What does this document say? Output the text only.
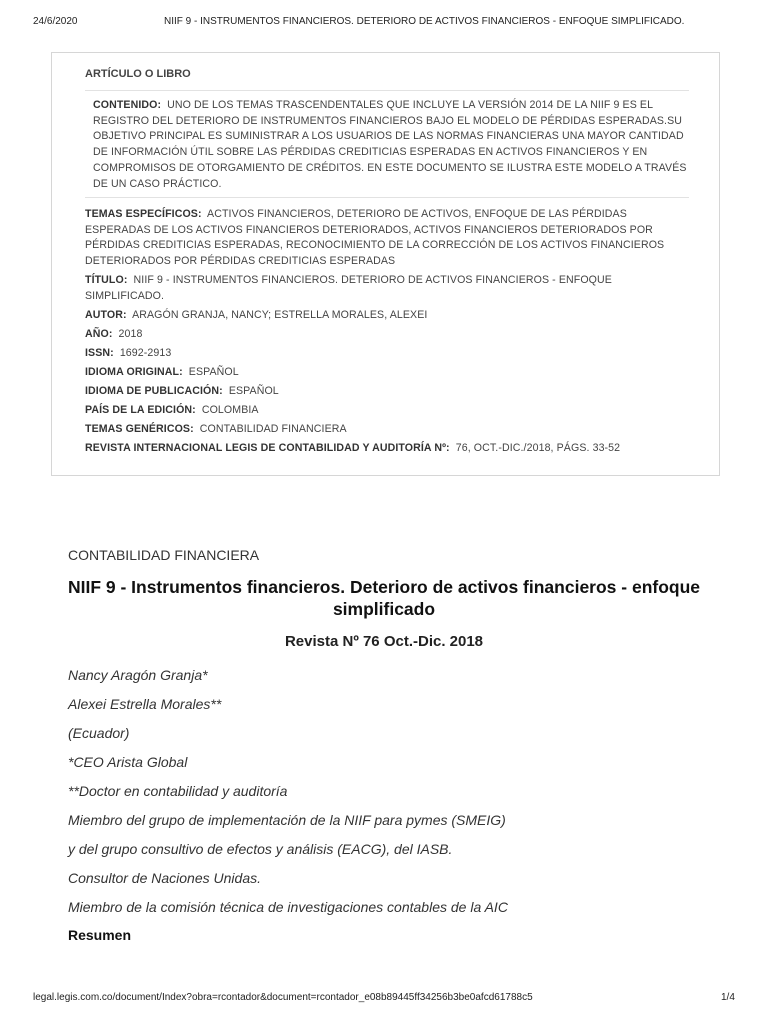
24/6/2020	NIIF 9 - INSTRUMENTOS FINANCIEROS. DETERIORO DE ACTIVOS FINANCIEROS - ENFOQUE SIMPLIFICADO.
ARTÍCULO O LIBRO
CONTENIDO: UNO DE LOS TEMAS TRASCENDENTALES QUE INCLUYE LA VERSIÓN 2014 DE LA NIIF 9 ES EL REGISTRO DEL DETERIORO DE INSTRUMENTOS FINANCIEROS BAJO EL MODELO DE PÉRDIDAS ESPERADAS.SU OBJETIVO PRINCIPAL ES SUMINISTRAR A LOS USUARIOS DE LAS NORMAS FINANCIERAS UNA MAYOR CANTIDAD DE INFORMACIÓN ÚTIL SOBRE LAS PÉRDIDAS CREDITICIAS ESPERADAS EN ACTIVOS FINANCIEROS Y EN COMPROMISOS DE OTORGAMIENTO DE CRÉDITOS. EN ESTE DOCUMENTO SE ILUSTRA ESTE MODELO A TRAVÉS DE UN CASO PRÁCTICO.
TEMAS ESPECÍFICOS: ACTIVOS FINANCIEROS, DETERIORO DE ACTIVOS, ENFOQUE DE LAS PÉRDIDAS ESPERADAS DE LOS ACTIVOS FINANCIEROS DETERIORADOS, ACTIVOS FINANCIEROS DETERIORADOS POR PÉRDIDAS CREDITICIAS ESPERADAS, RECONOCIMIENTO DE LA CORRECCIÓN DE LOS ACTIVOS FINANCIEROS DETERIORADOS POR PÉRDIDAS CREDITICIAS ESPERADAS
TÍTULO: NIIF 9 - INSTRUMENTOS FINANCIEROS. DETERIORO DE ACTIVOS FINANCIEROS - ENFOQUE SIMPLIFICADO.
AUTOR: ARAGÓN GRANJA, NANCY; ESTRELLA MORALES, ALEXEI
AÑO: 2018
ISSN: 1692-2913
IDIOMA ORIGINAL: ESPAÑOL
IDIOMA DE PUBLICACIÓN: ESPAÑOL
PAÍS DE LA EDICIÓN: COLOMBIA
TEMAS GENÉRICOS: CONTABILIDAD FINANCIERA
REVISTA INTERNACIONAL LEGIS DE CONTABILIDAD Y AUDITORÍA Nº: 76, OCT.-DIC./2018, PÁGS. 33-52
CONTABILIDAD FINANCIERA
NIIF 9 - Instrumentos financieros. Deterioro de activos financieros - enfoque simplificado
Revista Nº 76 Oct.-Dic. 2018
Nancy Aragón Granja*
Alexei Estrella Morales**
(Ecuador)
*CEO Arista Global
**Doctor en contabilidad y auditoría
Miembro del grupo de implementación de la NIIF para pymes (SMEIG)
y del grupo consultivo de efectos y análisis (EACG), del IASB.
Consultor de Naciones Unidas.
Miembro de la comisión técnica de investigaciones contables de la AIC
Resumen
legal.legis.com.co/document/Index?obra=rcontador&document=rcontador_e08b89445ff34256b3be0afcd61788c5	1/4
